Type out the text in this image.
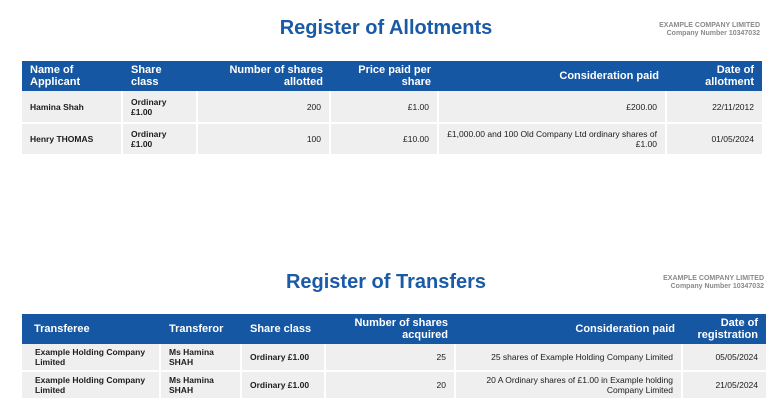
Register of Allotments	EXAMPLE COMPANY LIMITED
Company Number 10347032
Name of Applicant	Share class	Number of shares allotted	Price paid per share	Consideration paid	Date of allotment
Hamina Shah	Ordinary £1.00	200	£1.00	£200.00	22/11/2012
Henry THOMAS	Ordinary £1.00	100	£10.00	£1,000.00 and 100 Old Company Ltd ordinary shares of £1.00	01/05/2024
Register of Transfers	EXAMPLE COMPANY LIMITED
Company Number 10347032
Transferee	Transferor	Share class	Number of shares acquired	Consideration paid	Date of registration
Example Holding Company Limited	Ms Hamina SHAH	Ordinary £1.00	25	25 shares of Example Holding Company Limited	05/05/2024
Example Holding Company Limited	Ms Hamina SHAH	Ordinary £1.00	20	20 A Ordinary shares of £1.00 in Example holding Company Limited	21/05/2024
